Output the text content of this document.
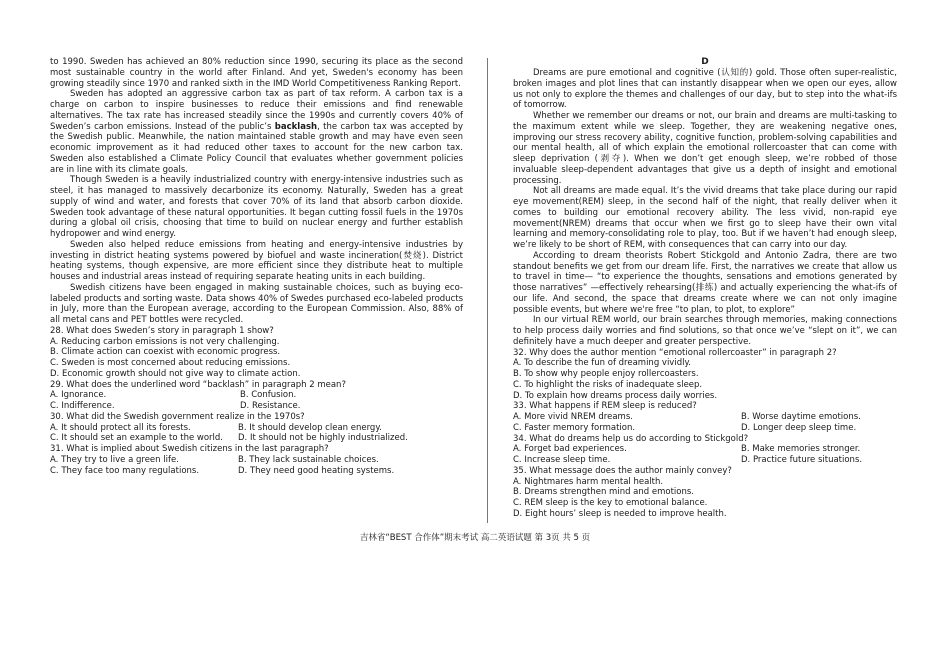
to 1990. Sweden has achieved an 80% reduction since 1990, securing its place as the second most sustainable country in the world after Finland. And yet, Sweden's economy has been growing steadily since 1970 and ranked sixth in the IMD World Competitiveness Ranking Report.
Sweden has adopted an aggressive carbon tax as part of tax reform. A carbon tax is a charge on carbon to inspire businesses to reduce their emissions and find renewable alternatives. The tax rate has increased steadily since the 1990s and currently covers 40% of Sweden’s carbon emissions. Instead of the public’s backlash, the carbon tax was accepted by the Swedish public. Meanwhile, the nation maintained stable growth and may have even seen economic improvement as it had reduced other taxes to account for the new carbon tax. Sweden also established a Climate Policy Council that evaluates whether government policies are in line with its climate goals.
Though Sweden is a heavily industrialized country with energy-intensive industries such as steel, it has managed to massively decarbonize its economy. Naturally, Sweden has a great supply of wind and water, and forests that cover 70% of its land that absorb carbon dioxide. Sweden took advantage of these natural opportunities. It began cutting fossil fuels in the 1970s during a global oil crisis, choosing that time to build on nuclear energy and further establish hydropower and wind energy.
Sweden also helped reduce emissions from heating and energy-intensive industries by investing in district heating systems powered by biofuel and waste incineration(焚烧). District heating systems, though expensive, are more efficient since they distribute heat to multiple houses and industrial areas instead of requiring separate heating units in each building.
Swedish citizens have been engaged in making sustainable choices, such as buying eco-labeled products and sorting waste. Data shows 40% of Swedes purchased eco-labeled products in July, more than the European average, according to the European Commission. Also, 88% of all metal cans and PET bottles were recycled.
28. What does Sweden’s story in paragraph 1 show?
A. Reducing carbon emissions is not very challenging.
B. Climate action can coexist with economic progress.
C. Sweden is most concerned about reducing emissions.
D. Economic growth should not give way to climate action.
29. What does the underlined word “backlash” in paragraph 2 mean?
A. Ignorance.	B. Confusion.
C. Indifference.	D. Resistance.
30. What did the Swedish government realize in the 1970s?
A. It should protect all its forests.	B. It should develop clean energy.
C. It should set an example to the world.	D. It should not be highly industrialized.
31. What is implied about Swedish citizens in the last paragraph?
A. They try to live a green life.	B. They lack sustainable choices.
C. They face too many regulations.	D. They need good heating systems.
D
Dreams are pure emotional and cognitive (认知的) gold. Those often super-realistic, broken images and plot lines that can instantly disappear when we open our eyes, allow us not only to explore the themes and challenges of our day, but to step into the what-ifs of tomorrow.
Whether we remember our dreams or not, our brain and dreams are multi-tasking to the maximum extent while we sleep. Together, they are weakening negative ones, improving our stress recovery ability, cognitive function, problem-solving capabilities and our mental health, all of which explain the emotional rollercoaster that can come with sleep deprivation (剥夺). When we don’t get enough sleep, we’re robbed of those invaluable sleep-dependent advantages that give us a depth of insight and emotional processing.
Not all dreams are made equal. It’s the vivid dreams that take place during our rapid eye movement(REM) sleep, in the second half of the night, that really deliver when it comes to building our emotional recovery ability. The less vivid, non-rapid eye movement(NREM) dreams that occur when we first go to sleep have their own vital learning and memory-consolidating role to play, too. But if we haven’t had enough sleep, we’re likely to be short of REM, with consequences that can carry into our day.
According to dream theorists Robert Stickgold and Antonio Zadra, there are two standout benefits we get from our dream life. First, the narratives we create that allow us to travel in time— “to experience the thoughts, sensations and emotions generated by those narratives” —effectively rehearsing(排练) and actually experiencing the what-ifs of our life. And second, the space that dreams create where we can not only imagine possible events, but where we're free “to plan, to plot, to explore”
In our virtual REM world, our brain searches through memories, making connections to help process daily worries and find solutions, so that once we’ve “slept on it”, we can definitely have a much deeper and greater perspective.
32. Why does the author mention “emotional rollercoaster” in paragraph 2?
A. To describe the fun of dreaming vividly.
B. To show why people enjoy rollercoasters.
C. To highlight the risks of inadequate sleep.
D. To explain how dreams process daily worries.
33. What happens if REM sleep is reduced?
A. More vivid NREM dreams.	B. Worse daytime emotions.
C. Faster memory formation.	D. Longer deep sleep time.
34. What do dreams help us do according to Stickgold?
A. Forget bad experiences.	B. Make memories stronger.
C. Increase sleep time.	D. Practice future situations.
35. What message does the author mainly convey?
A. Nightmares harm mental health.
B. Dreams strengthen mind and emotions.
C. REM sleep is the key to emotional balance.
D. Eight hours’ sleep is needed to improve health.
吉林省“BEST 合作体”期末考试 高二英语试题 第 3页 共 5 页
